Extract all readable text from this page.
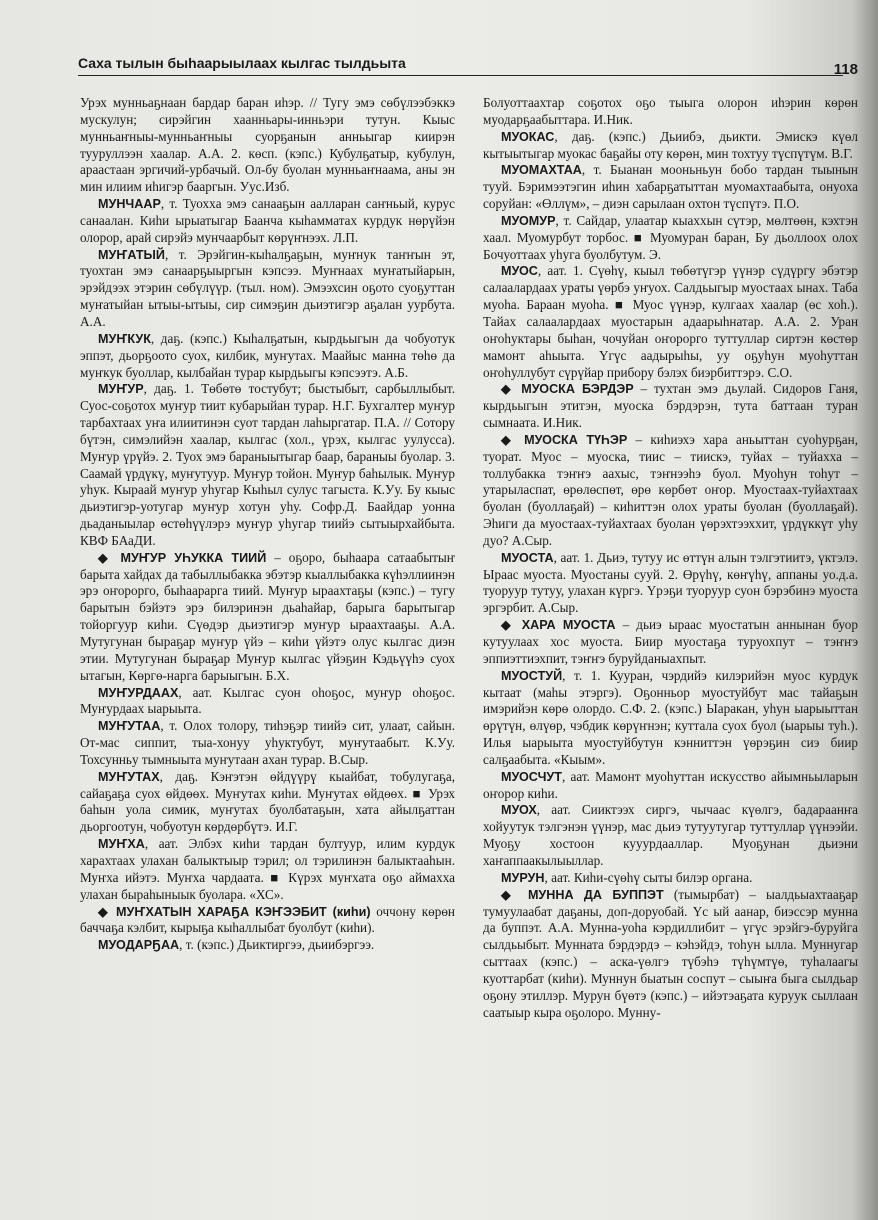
Саха тылын быһаарыылаах кылгас тылдьыта	118

Урэх мунньаҕнаан бардар баран иһэр. // Тугу эмэ сөбүлээбэккэ мускулун; сирэйгин хаанньары-инньэри тутун. Кыыс мунньаҥныы-мунньаҥныы суорҕанын анньыгар киирэн тууруллээн хаалар. А.А. 2. көсп. (кэпс.) Кубулҕатыр, кубулун, араастаан эргичий-урбачый. Ол-бу буолан мунньаҥнаама, аны эн мин илиим иһигэр бааргын. Уус.Изб.

МУНЧААР, т. Туоххa эмэ санааҕын аалларан саҥньый, курус санаалан. Киһи ырыатыгар Баанча кыһамматах курдук нөрүйэн олорор, арай сирэйэ мунчаарбыт көрүҥнээх. Л.П.

МУҤАТЫЙ, т. Эрэйгин-кыһалҕаҕын, муҥнук таҥҥын эт, туохтан эмэ санаарҕыыргын кэпсээ. Муҥнаах муҥатыйарын, эрэйдээх этэрин сөбүлүүр. (тыл. ном). Эмээхсин оҕото суоҕуттан муҥатыйан ытыы-ытыы, сир симэҕин дьиэтигэр аҕалан уурбута. А.А.

МУҤКУК, даҕ. (кэпс.) Кыһалҕатын, кырдьыгын да чобуотук эппэт, дьорҕоото суох, килбик, муҥутах. Маайыс манна төһө да муҥкук буоллар, кылбайан турар кырдьыгы кэпсээтэ. А.Б.

МУҤУР, даҕ. 1. Төбөтө тостубут; быстыбыт, сарбыллыбыт. Суос-соҕотох муҥур тиит кубарыйан турар. Н.Г. Бухгалтер муҥур тарбахтаах уҥа илиитинэн суот тардан лаһыргатар. П.А. // Сотору бүтэн, симэлийэн хаалар, кылгас (хол., үрэх, кылгас уулусса). Муҥур үрүйэ. 2. Туох эмэ бараныытыгар баар, бараныы буолар. 3. Саамай үрдүкү, муҥутуур. Муҥур тойон. Муҥур баһылык. Муҥур уһук. Кыраай муҥур уһугар Кыһыл сулус тагыста. К.Уу. Бу кыыс дьиэтигэр-уотугар муҥур хотун уһу. Софр.Д. Баайдар уонна дьаданыылар өстөһүүлэрэ муҥур уһугар тиийэ сытыырхайбыта. КВФ БАаДИ.

◆ МУҤУР УҺУККА ТИИЙ – оҕоро, быһаара сатаабытыҥ барыта хайдах да табыллыбакка эбэтэр кыаллыбакка күһэллиинэн эрэ оҥорорго, быһаарарга тиий. Муҥур ыраахтаҕы (кэпс.) – тугу барытын бэйэтэ эрэ билэринэн дьаһайар, барыга барытыгар тойоргуур киһи. Сүөдэр дьиэтигэр муҥур ыраахтааҕы. А.А. Мутугунан быраҕар муҥур үйэ – киһи үйэтэ олус кылгас диэн этии. Мутугунан быраҕар Муҥур кылгас үйэҕин Кэдьүүһэ суох ытагын, Көргө-нарга барыыгын. Б.Х.

МУҤУРДААХ, аат. Кылгас суон оһоҕос, муҥур оһоҕос. Муҥурдаах ыарыыта.

МУҤУТАА, т. Олох толору, тиһэҕэр тиийэ сит, улаат, сайын. От-мас сиппит, тыа-хонуу уһуктубут, муҥутаабыт. К.Уу. Тохсунньу тымныыта муҥутаан ахан турар. В.Сыр.

МУҤУТАХ, даҕ. Кэҥэтэн өйдүүрү кыайбат, тобулугаҕа, сайаҕаҕа суох өйдөөх. Муҥутах киһи. Муҥутах өйдөөх. ■ Урэх баһын уола симик, муҥутах буолбатаҕын, хата айылҕаттан дьоргоотун, чобуотун көрдөрбүтэ. И.Г.

МУҤХА, аат. Элбэх киһи тардан бултуур, илим курдук харахтаах улахан балыктыыр тэрил; ол тэрилинэн балыктааһын. Муҥха ийэтэ. Муҥха чардаата. ■ Күрэх муҥхата оҕо аймахха улахан быраһыныык буолара. «ХС».

◆ МУҤХАТЫН ХАРАҔА КЭҤЭЭБИТ (киһи) оччону көрөн баччаҕа кэлбит, кырыҕа кыһаллыбат буолбут (киһи).

МУОДАРҔАА, т. (кэпс.) Дьиктиргээ, дьиибэргээ.

Болуоттаахтар соҕотох оҕо тыыга олорон иһэрин көрөн муодарҕаабыттара. И.Ник.

МУОКАС, даҕ. (кэпс.) Дьиибэ, дьикти. Эмискэ күөл кытыытыгар муокас баҕайы оту көрөн, мин тохтуу түспүтүм. В.Г.

МУОМАХТАА, т. Быанан мооньньун бобо тардан тыынын тууй. Бэримээтэгин иһин хабарҕатыттан муомахтаабыта, онуоха соруйан: «Өллүм», – диэн сарылаан охтон түспүтэ. П.О.

МУОМУР, т. Сайдар, улаатар кыаххын сүтэр, мөлтөөн, кэхтэн хаал. Муомурбут торбос. ■ Муомуран баран, Бу дьоллоох олох Бочуоттаах уһуга буолбутум. Э.

МУОС, аат. 1. Сүөһү, кыыл төбөтүгэр үүнэр сүдүргу эбэтэр салаалардаах ураты үөрбэ уҥуох. Салдьыгыр муостаах ынах. Таба муоһа. Бараан муоһа. ■ Муос үүнэр, кулгаах хаалар (өс хоһ.). Тайах салаалардаах муостарын адаарыһнатар. А.А. 2. Уран оҥоһуктары быһан, чочуйан оҥорорго туттуллар сиртэн көстөр мамонт аһыыта. Үгүс аадырыһы, уу оҕуһун муоһуттан оҥоһуллубут сүрүйар прибору бэлэх биэрбиттэрэ. С.О.

◆ МУОСКА БЭРДЭР – тухтан эмэ дьулай. Сидоров Ганя, кырдьыгын этитэн, муоска бэрдэрэн, тута баттаан туран сымнаата. И.Ник.

◆ МУОСКА ТҮҺЭР – киһиэхэ хара аньыттан суоһурҕан, туорат. Муос – муоска, тииc – тииcкэ, туйах – туйахха – толлубакка тэҥҥэ аахыс, тэҥнээһэ буол. Муоһун тоһут – утарыласпат, өрөлөспөт, өрө көрбөт оҥор. Муостаах-туйахтаах буолан (буоллаҕай) – киһиттэн олох ураты буолан (буоллаҕай). Эһиги да муостаах-туйахтаах буолан үөрэхтээххит, үрдүккүт уһу дуо? А.Сыр.

МУОСТА, аат. 1. Дьиэ, тутуу ис өттүн алын тэлгэтиитэ, үктэлэ. Ыраас муоста. Муостаны сууй. 2. Өрүһү, көҥүһү, аппаны уо.д.а. туоруур тутуу, улахан күргэ. Үрэҕи туоруур суон бэрэбинэ муоста эргэрбит. А.Сыр.

◆ ХАРА МУОСТА – дьиэ ыраас муостатын аннынан буор кутуулаах хос муоста. Биир муостаҕа туруохпут – тэҥҥэ эппиэттиэхпит, тэҥҥэ буруйданыахпыт.

МУОСТУЙ, т. 1. Кууран, чэрдийэ килэрийэн муос курдук кытаат (маһы этэргэ). Оҕонньор муостуйбут мас тайаҕын имэрийэн көрө олордо. С.Ф. 2. (кэпс.) Ыаракан, уһун ыарыыттан өрүтүн, өлүөр, чэбдик көрүҥнэн; куттала суох буол (ыарыы туһ.). Илья ыарыыта муостуйбутун кэнниттэн үөрэҕин сиэ биир салҕаабыта. «Кыым».

МУОСЧУТ, аат. Мамонт муоһуттан искусство айымньыларын оҥорор киһи.

МУОХ, аат. Сииктээх сиргэ, чычаас күөлгэ, бадараанҥа хойуутук тэлгэнэн үүнэр, мас дьиэ тутуутугар туттуллар үүнээйи. Муоҕу хостоон кууурдааллар. Муоҕунан дьиэни хаҥаппаакылыыллар.

МУРУН, аат. Киһи-сүөһү сыты билэр органа.

◆ МУННА ДА БУППЭТ (тымырбат) – ыалдьыахтааҕар тумуулаабат даҕаны, доп-доруобай. Үс ый аанар, биэссэр мунна да буппэт. А.А. Мунна-уоһа кэрдиллибит – үгүс эрэйгэ-буруйга сылдьыбыт. Мунната бэрдэрдэ – кэһэйдэ, тоһун ылла. Муннугар сыттаах (кэпс.) – аска-үөлгэ түбэһэ түһүмтүө, туһалаагы куоттарбат (киһи). Муннун быатын соспут – сыыҥа быга сылдьар оҕону этиллэр. Мурун бүөтэ (кэпс.) – ийэтэаҕата куруук сыллаан саатыыр кыра оҕолоро. Мунну-
